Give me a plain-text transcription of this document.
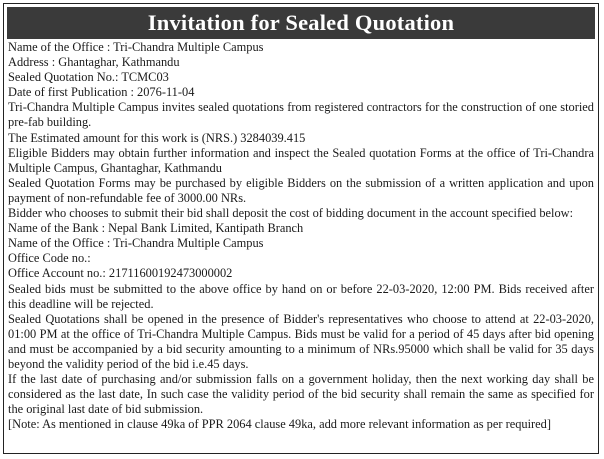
Invitation for Sealed Quotation

Name of the Office : Tri-Chandra Multiple Campus

Address : Ghantaghar, Kathmandu

Sealed Quotation No.: TCMC03

Date of first Publication : 2076-11-04

Tri-Chandra Multiple Campus invites sealed quotations from registered contractors for the construction of one storied pre-fab building.

The Estimated amount for this work is (NRS.) 3284039.415

Eligible Bidders may obtain further information and inspect the Sealed quotation Forms at the office of Tri-Chandra Multiple Campus, Ghantaghar, Kathmandu

Sealed Quotation Forms may be purchased by eligible Bidders on the submission of a written application and upon payment of non-refundable fee of 3000.00 NRs.

Bidder who chooses to submit their bid shall deposit the cost of bidding document in the account specified below:

Name of the Bank : Nepal Bank Limited, Kantipath Branch

Name of the Office : Tri-Chandra Multiple Campus

Office Code no.:

Office Account no.: 21711600192473000002

Sealed bids must be submitted to the above office by hand on or before 22-03-2020, 12:00 PM. Bids received after this deadline will be rejected.

Sealed Quotations shall be opened in the presence of Bidder's representatives who choose to attend at 22-03-2020, 01:00 PM at the office of Tri-Chandra Multiple Campus. Bids must be valid for a period of 45 days after bid opening and must be accompanied by a bid security amounting to a minimum of NRs.95000 which shall be valid for 35 days beyond the validity period of the bid i.e.45 days.

If the last date of purchasing and/or submission falls on a government holiday, then the next working day shall be considered as the last date, In such case the validity period of the bid security shall remain the same as specified for the original last date of bid submission.

[Note: As mentioned in clause 49ka of PPR 2064 clause 49ka, add more relevant information as per required]
